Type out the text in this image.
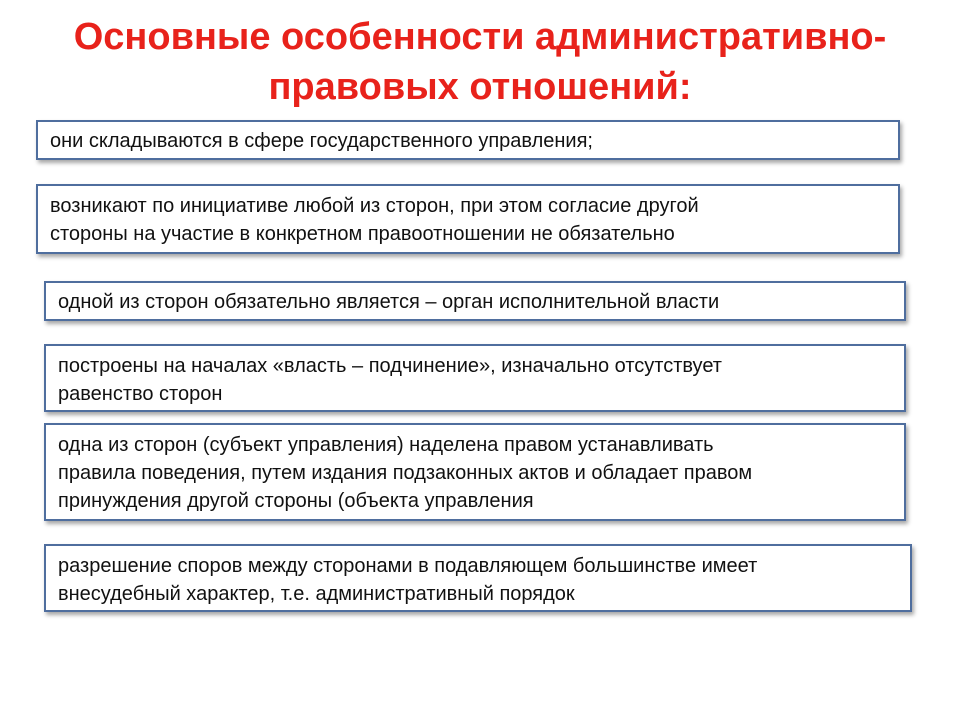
Основные особенности административно-
правовых отношений:
они складываются в сфере государственного управления;
возникают по инициативе любой из сторон, при этом согласие другой
стороны на участие в конкретном правоотношении не обязательно
одной из сторон обязательно является – орган исполнительной власти
построены на началах «власть – подчинение», изначально отсутствует
равенство сторон
одна из сторон (субъект управления) наделена правом устанавливать
правила поведения, путем издания подзаконных актов и обладает правом
принуждения другой стороны (объекта управления
разрешение споров между сторонами в подавляющем большинстве имеет
внесудебный характер, т.е. административный порядок
